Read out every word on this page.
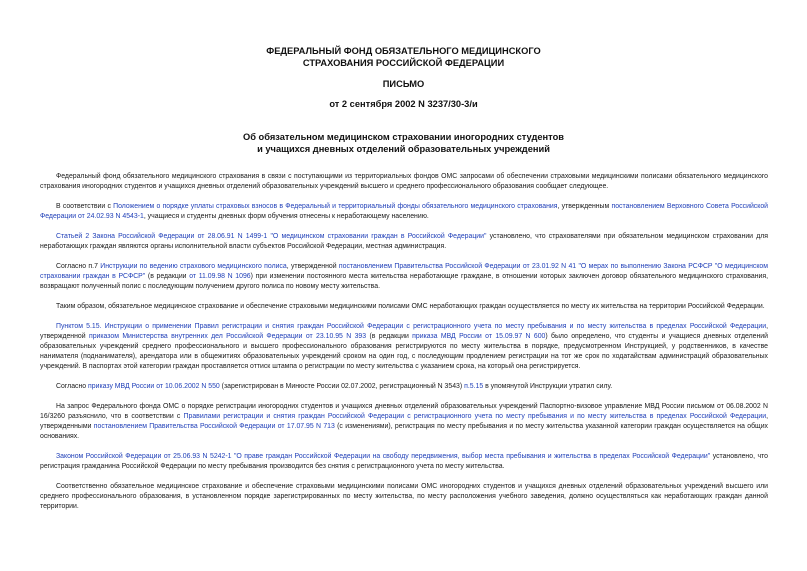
ФЕДЕРАЛЬНЫЙ ФОНД ОБЯЗАТЕЛЬНОГО МЕДИЦИНСКОГО
СТРАХОВАНИЯ РОССИЙСКОЙ ФЕДЕРАЦИИ
ПИСЬМО
от 2 сентября 2002 N 3237/30-3/и
Об обязательном медицинском страховании иногородних студентов
и учащихся дневных отделений образовательных учреждений

Федеральный фонд обязательного медицинского страхования в связи с поступающими из территориальных фондов ОМС запросами об обеспечении страховыми медицинскими полисами обязательного медицинского страхования иногородних студентов и учащихся дневных отделений образовательных учреждений высшего и среднего профессионального образования сообщает следующее.

В соответствии с Положением о порядке уплаты страховых взносов в Федеральный и территориальный фонды обязательного медицинского страхования, утвержденным постановлением Верховного Совета Российской Федерации от 24.02.93 N 4543-1, учащиеся и студенты дневных форм обучения отнесены к неработающему населению.

Статьей 2 Закона Российской Федерации от 28.06.91 N 1499-1 "О медицинском страховании граждан в Российской Федерации" установлено, что страхователями при обязательном медицинском страховании для неработающих граждан являются органы исполнительной власти субъектов Российской Федерации, местная администрация.

Согласно п.7 Инструкции по ведению страхового медицинского полиса, утвержденной постановлением Правительства Российской Федерации от 23.01.92 N 41 "О мерах по выполнению Закона РСФСР "О медицинском страховании граждан в РСФСР" (в редакции от 11.09.98 N 1096) при изменении постоянного места жительства неработающие граждане, в отношении которых заключен договор обязательного медицинского страхования, возвращают полученный полис с последующим получением другого полиса по новому месту жительства.

Таким образом, обязательное медицинское страхование и обеспечение страховыми медицинскими полисами ОМС неработающих граждан осуществляется по месту их жительства на территории Российской Федерации.

Пунктом 5.15. Инструкции о применении Правил регистрации и снятия граждан Российской Федерации с регистрационного учета по месту пребывания и по месту жительства в пределах Российской Федерации, утвержденной приказом Министерства внутренних дел Российской Федерации от 23.10.95 N 393 (в редакции приказа МВД России от 15.09.97 N 600) было определено, что студенты и учащиеся дневных отделений образовательных учреждений среднего профессионального и высшего профессионального образования регистрируются по месту жительства в порядке, предусмотренном Инструкцией, у родственников, в качестве нанимателя (поднанимателя), арендатора или в общежитиях образовательных учреждений сроком на один год, с последующим продлением регистрации на тот же срок по ходатайствам администраций образовательных учреждений. В паспортах этой категории граждан проставляется оттиск штампа о регистрации по месту жительства с указанием срока, на который она регистрируется.

Согласно приказу МВД России от 10.06.2002 N 550 (зарегистрирован в Минюсте России 02.07.2002, регистрационный N 3543) п.5.15 в упомянутой Инструкции утратил силу.

На запрос Федерального фонда ОМС о порядке регистрации иногородних студентов и учащихся дневных отделений образовательных учреждений Паспортно-визовое управление МВД России письмом от 06.08.2002 N 16/3260 разъяснило, что в соответствии с Правилами регистрации и снятия граждан Российской Федерации с регистрационного учета по месту пребывания и по месту жительства в пределах Российской Федерации, утвержденными постановлением Правительства Российской Федерации от 17.07.95 N 713 (с изменениями), регистрация по месту пребывания и по месту жительства указанной категории граждан осуществляется на общих основаниях.

Законом Российской Федерации от 25.06.93 N 5242-1 "О праве граждан Российской Федерации на свободу передвижения, выбор места пребывания и жительства в пределах Российской Федерации" установлено, что регистрация гражданина Российской Федерации по месту пребывания производится без снятия с регистрационного учета по месту жительства.

Соответственно обязательное медицинское страхование и обеспечение страховыми медицинскими полисами ОМС иногородних студентов и учащихся дневных отделений образовательных учреждений высшего или среднего профессионального образования, в установленном порядке зарегистрированных по месту жительства, по месту расположения учебного заведения, должно осуществляться как неработающих граждан данной территории.
